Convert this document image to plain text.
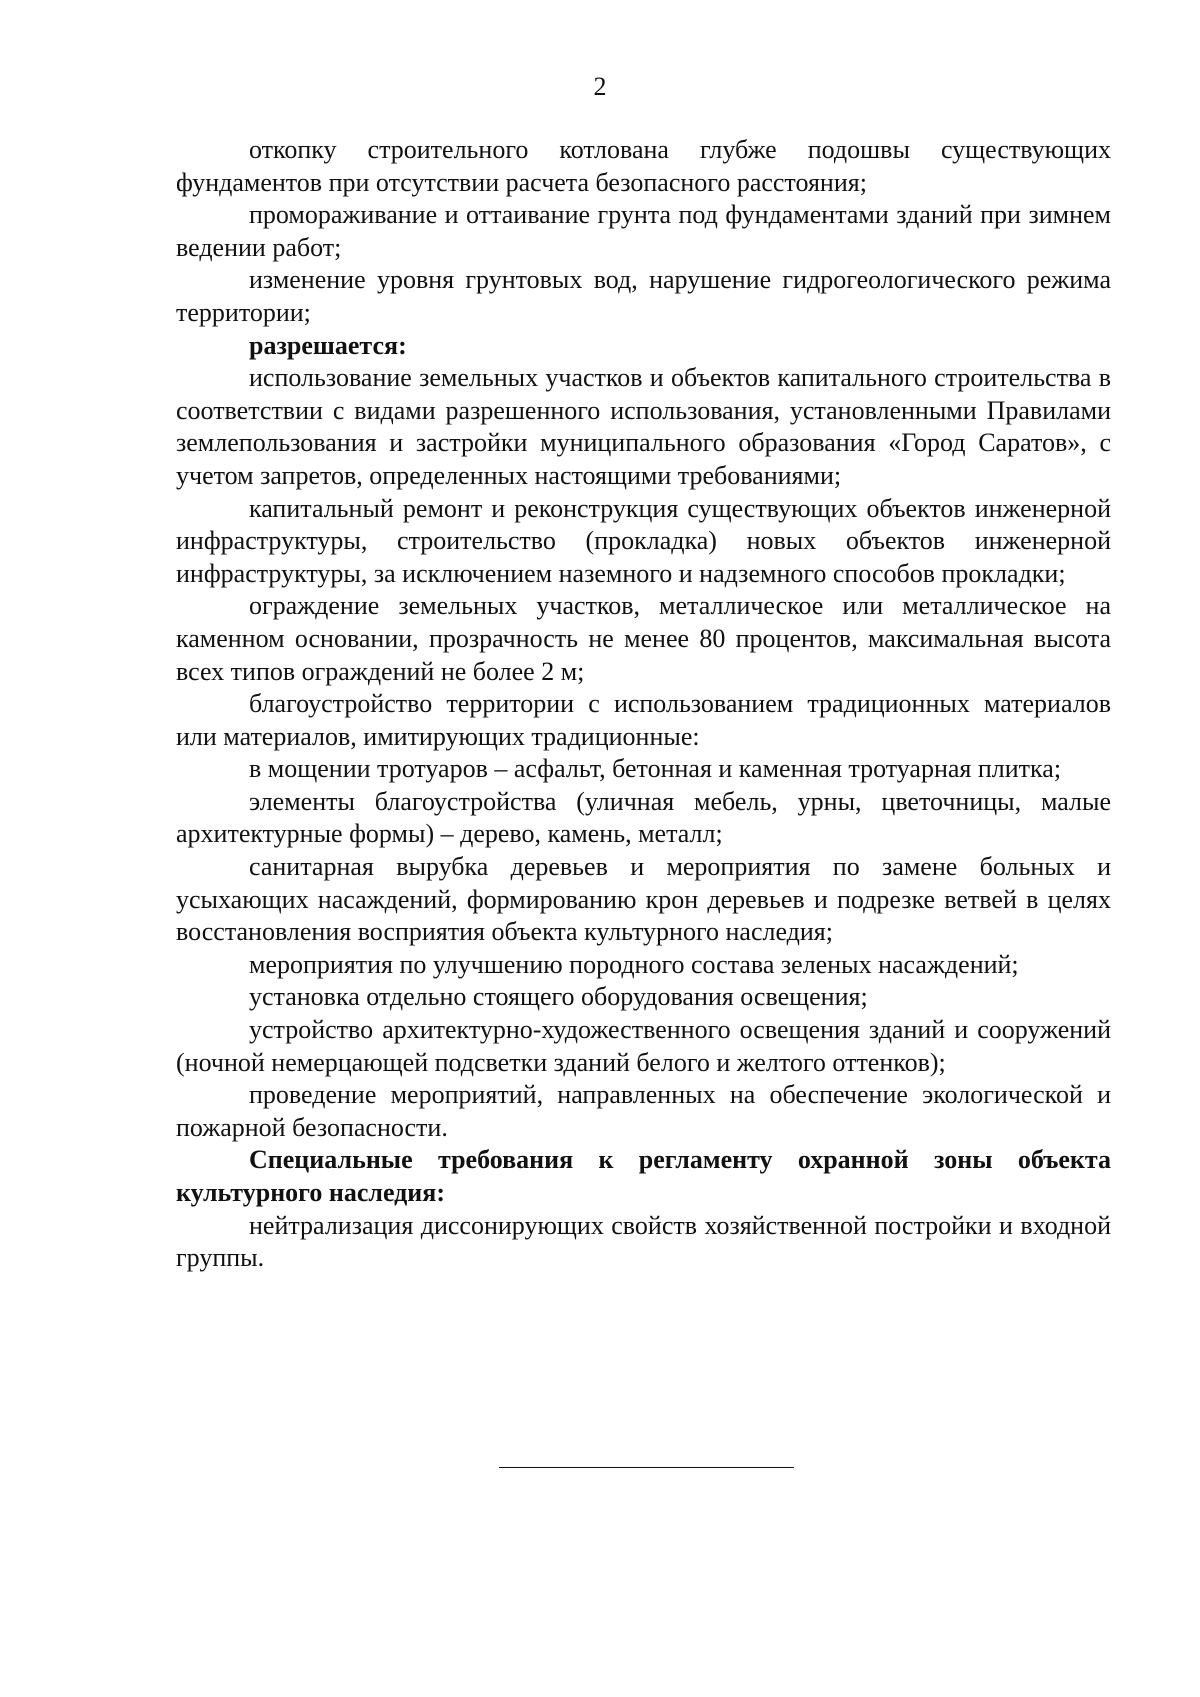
2

откопку строительного котлована глубже подошвы существующих фундаментов при отсутствии расчета безопасного расстояния;

промораживание и оттаивание грунта под фундаментами зданий при зимнем ведении работ;

изменение уровня грунтовых вод, нарушение гидрогеологического режима территории;

разрешается:

использование земельных участков и объектов капитального строительства в соответствии с видами разрешенного использования, установленными Правилами землепользования и застройки муниципального образования «Город Саратов», с учетом запретов, определенных настоящими требованиями;

капитальный ремонт и реконструкция существующих объектов инженерной инфраструктуры, строительство (прокладка) новых объектов инженерной инфраструктуры, за исключением наземного и надземного способов прокладки;

ограждение земельных участков, металлическое или металлическое на каменном основании, прозрачность не менее 80 процентов, максимальная высота всех типов ограждений не более 2 м;

благоустройство территории с использованием традиционных материалов или материалов, имитирующих традиционные:

в мощении тротуаров – асфальт, бетонная и каменная тротуарная плитка;

элементы благоустройства (уличная мебель, урны, цветочницы, малые архитектурные формы) – дерево, камень, металл;

санитарная вырубка деревьев и мероприятия по замене больных и усыхающих насаждений, формированию крон деревьев и подрезке ветвей в целях восстановления восприятия объекта культурного наследия;

мероприятия по улучшению породного состава зеленых насаждений;

установка отдельно стоящего оборудования освещения;

устройство архитектурно-художественного освещения зданий и сооружений (ночной немерцающей подсветки зданий белого и желтого оттенков);

проведение мероприятий, направленных на обеспечение экологической и пожарной безопасности.

Специальные требования к регламенту охранной зоны объекта культурного наследия:

нейтрализация диссонирующих свойств хозяйственной постройки и входной группы.
